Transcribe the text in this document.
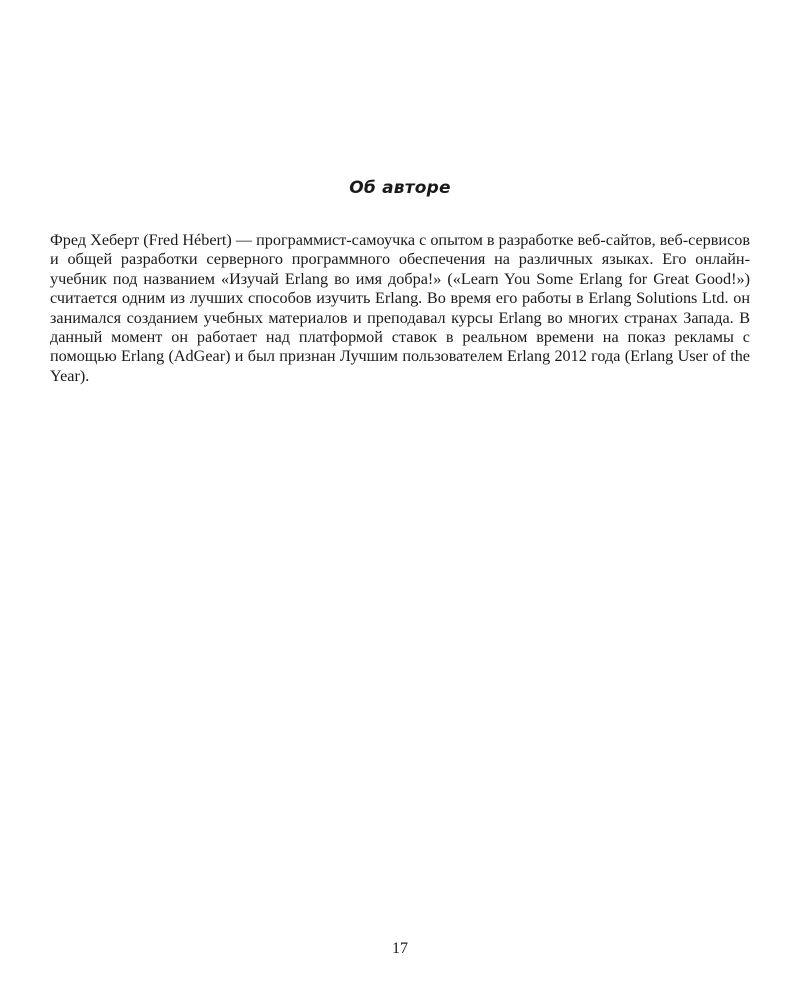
Об авторе

Фред Хеберт (Fred Hébert) — программист-самоучка с опытом в разработке веб-сайтов, веб-сервисов и общей разработки серверного программного обеспечения на различных языках. Его онлайн-учебник под названием «Изучай Erlang во имя добра!» («Learn You Some Erlang for Great Good!») считается одним из лучших способов изучить Erlang. Во время его работы в Erlang Solutions Ltd. он занимался созданием учебных материалов и преподавал курсы Erlang во многих странах Запада. В данный момент он работает над платформой ставок в реальном времени на показ рекламы с помощью Erlang (AdGear) и был признан Лучшим пользователем Erlang 2012 года (Erlang User of the Year).

17
